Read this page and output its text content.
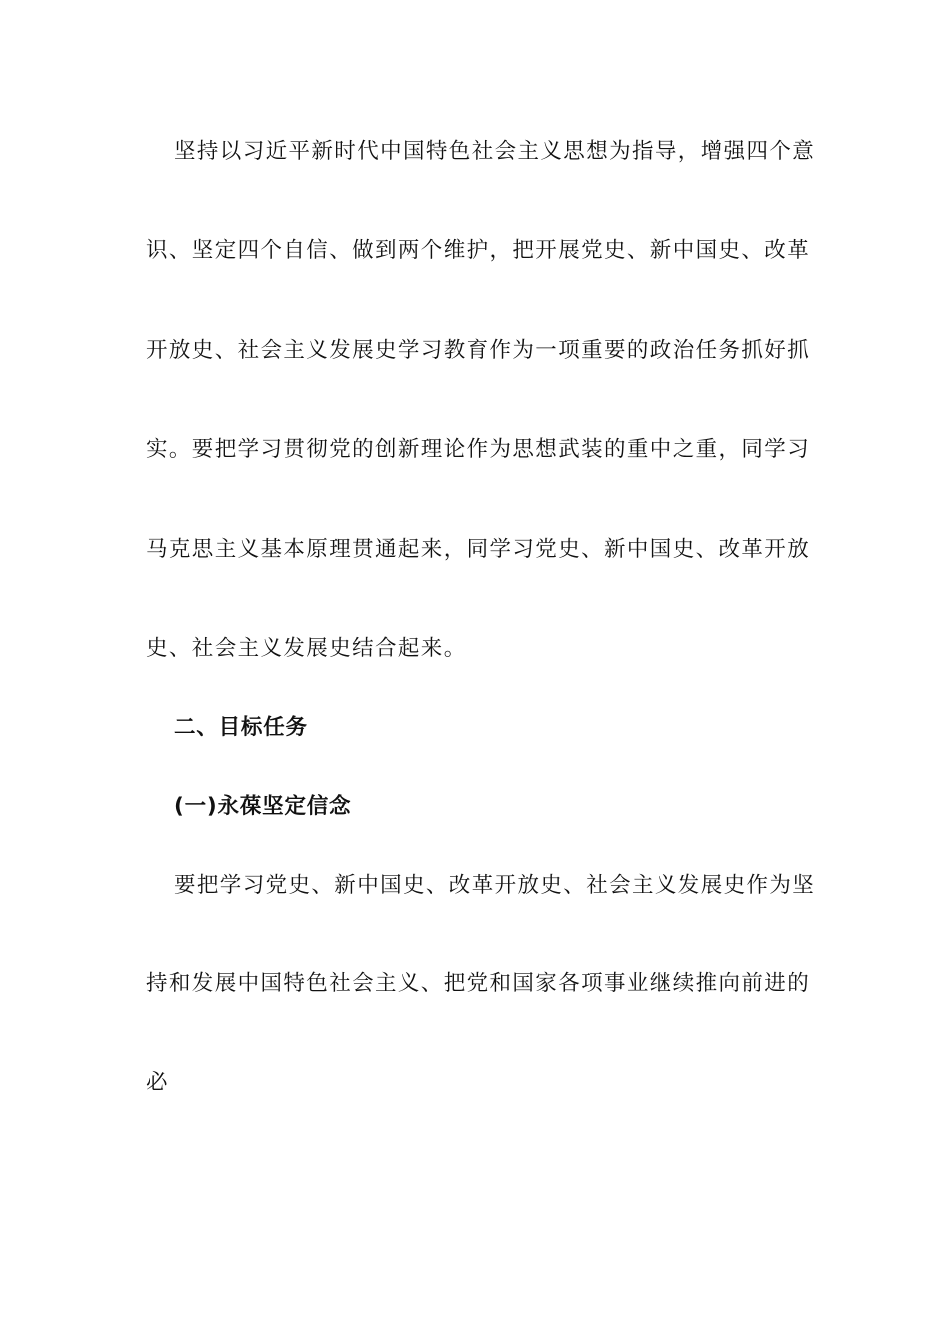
坚持以习近平新时代中国特色社会主义思想为指导，增强四个意
识、坚定四个自信、做到两个维护，把开展党史、新中国史、改革
开放史、社会主义发展史学习教育作为一项重要的政治任务抓好抓
实。要把学习贯彻党的创新理论作为思想武装的重中之重，同学习
马克思主义基本原理贯通起来，同学习党史、新中国史、改革开放
史、社会主义发展史结合起来。
二、目标任务
(一)永葆坚定信念
要把学习党史、新中国史、改革开放史、社会主义发展史作为坚
持和发展中国特色社会主义、把党和国家各项事业继续推向前进的
必
